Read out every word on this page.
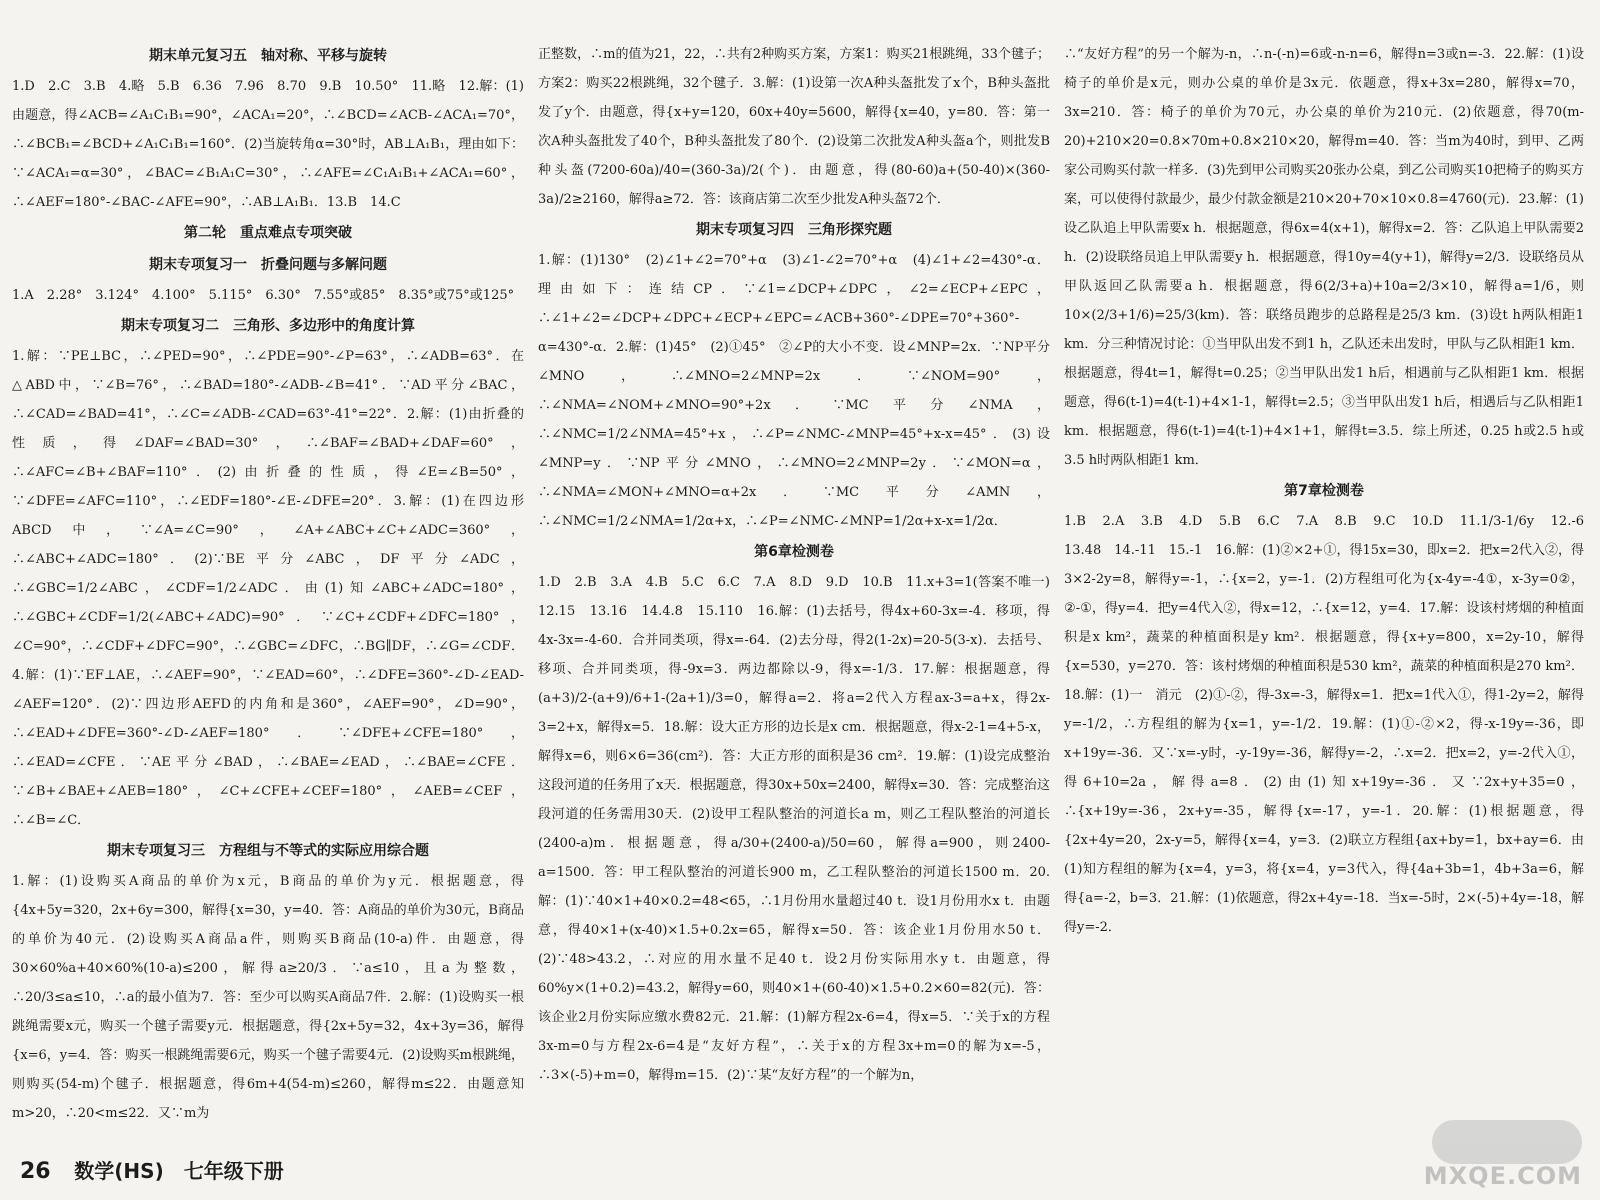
期末单元复习五　轴对称、平移与旋转

1.D　2.C　3.B　4.略　5.B　6.36　7.96　8.70　9.B　10.50°　11.略　12.解：(1)由题意，得∠ACB=∠A₁C₁B₁=90°，∠ACA₁=20°，∴∠BCD=∠ACB-∠ACA₁=70°，∴∠BCB₁=∠BCD+∠A₁C₁B₁=160°．(2)当旋转角α=30°时，AB⊥A₁B₁，理由如下：∵∠ACA₁=α=30°，∠BAC=∠B₁A₁C=30°，∴∠AFE=∠C₁A₁B₁+∠ACA₁=60°，∴∠AEF=180°-∠BAC-∠AFE=90°，∴AB⊥A₁B₁．13.B　14.C

第二轮　重点难点专项突破
期末专项复习一　折叠问题与多解问题

1.A　2.28°　3.124°　4.100°　5.115°　6.30°　7.55°或85°　8.35°或75°或125°

期末专项复习二　三角形、多边形中的角度计算

1.解：∵PE⊥BC，∴∠PED=90°，∴∠PDE=90°-∠P=63°，∴∠ADB=63°．在△ABD中，∵∠B=76°，∴∠BAD=180°-∠ADB-∠B=41°．∵AD平分∠BAC，∴∠CAD=∠BAD=41°，∴∠C=∠ADB-∠CAD=63°-41°=22°．2.解：(1)由折叠的性质，得∠DAF=∠BAD=30°，∴∠BAF=∠BAD+∠DAF=60°，∴∠AFC=∠B+∠BAF=110°．(2)由折叠的性质，得∠E=∠B=50°，∵∠DFE=∠AFC=110°，∴∠EDF=180°-∠E-∠DFE=20°．3.解：(1)在四边形ABCD中，∵∠A=∠C=90°，∠A+∠ABC+∠C+∠ADC=360°，∴∠ABC+∠ADC=180°．(2)∵BE平分∠ABC，DF平分∠ADC，∴∠GBC=1/2∠ABC，∠CDF=1/2∠ADC．由(1)知∠ABC+∠ADC=180°，∴∠GBC+∠CDF=1/2(∠ABC+∠ADC)=90°．∵∠C+∠CDF+∠DFC=180°，∠C=90°，∴∠CDF+∠DFC=90°，∴∠GBC=∠DFC，∴BG∥DF，∴∠G=∠CDF．4.解：(1)∵EF⊥AE，∴∠AEF=90°，∵∠EAD=60°，∴∠DFE=360°-∠D-∠EAD-∠AEF=120°．(2)∵四边形AEFD的内角和是360°，∠AEF=90°，∠D=90°，∴∠EAD+∠DFE=360°-∠D-∠AEF=180°．∵∠DFE+∠CFE=180°，∴∠EAD=∠CFE．∵AE平分∠BAD，∴∠BAE=∠EAD，∴∠BAE=∠CFE．∵∠B+∠BAE+∠AEB=180°，∠C+∠CFE+∠CEF=180°，∠AEB=∠CEF，∴∠B=∠C．

期末专项复习三　方程组与不等式的实际应用综合题

1.解：(1)设购买A商品的单价为x元，B商品的单价为y元．根据题意，得{4x+5y=320，2x+6y=300，解得{x=30，y=40．答：A商品的单价为30元，B商品的单价为40元．(2)设购买A商品a件，则购买B商品(10-a)件．由题意，得30×60%a+40×60%(10-a)≤200，解得a≥20/3．∵a≤10，且a为整数，∴20/3≤a≤10，∴a的最小值为7．答：至少可以购买A商品7件．2.解：(1)设购买一根跳绳需要x元，购买一个毽子需要y元．根据题意，得{2x+5y=32，4x+3y=36，解得{x=6，y=4．答：购买一根跳绳需要6元，购买一个毽子需要4元．(2)设购买m根跳绳，则购买(54-m)个毽子．根据题意，得6m+4(54-m)≤260，解得m≤22．由题意知m>20，∴20<m≤22．又∵m为

正整数，∴m的值为21，22，∴共有2种购买方案，方案1：购买21根跳绳，33个毽子；方案2：购买22根跳绳，32个毽子．3.解：(1)设第一次A种头盔批发了x个，B种头盔批发了y个．由题意，得{x+y=120，60x+40y=5600，解得{x=40，y=80．答：第一次A种头盔批发了40个，B种头盔批发了80个．(2)设第二次批发A种头盔a个，则批发B种头盔(7200-60a)/40=(360-3a)/2(个)．由题意，得(80-60)a+(50-40)×(360-3a)/2≥2160，解得a≥72．答：该商店第二次至少批发A种头盔72个．

期末专项复习四　三角形探究题

1.解：(1)130°　(2)∠1+∠2=70°+α　(3)∠1-∠2=70°+α　(4)∠1+∠2=430°-α．理由如下：连结CP．∵∠1=∠DCP+∠DPC，∠2=∠ECP+∠EPC，∴∠1+∠2=∠DCP+∠DPC+∠ECP+∠EPC=∠ACB+360°-∠DPE=70°+360°-α=430°-α．2.解：(1)45°　(2)①45°　②∠P的大小不变．设∠MNP=2x．∵NP平分∠MNO，∴∠MNO=2∠MNP=2x．∵∠NOM=90°，∴∠NMA=∠NOM+∠MNO=90°+2x．∵MC平分∠NMA，∴∠NMC=1/2∠NMA=45°+x，∴∠P=∠NMC-∠MNP=45°+x-x=45°．(3)设∠MNP=y．∵NP平分∠MNO，∴∠MNO=2∠MNP=2y．∵∠MON=α，∴∠NMA=∠MON+∠MNO=α+2x．∵MC平分∠AMN，∴∠NMC=1/2∠NMA=1/2α+x，∴∠P=∠NMC-∠MNP=1/2α+x-x=1/2α．

第6章检测卷

1.D　2.B　3.A　4.B　5.C　6.C　7.A　8.D　9.D　10.B　11.x+3=1(答案不唯一)　12.15　13.16　14.4.8　15.110　16.解：(1)去括号，得4x+60-3x=-4．移项，得4x-3x=-4-60．合并同类项，得x=-64．(2)去分母，得2(1-2x)=20-5(3-x)．去括号、移项、合并同类项，得-9x=3．两边都除以-9，得x=-1/3．17.解：根据题意，得(a+3)/2-(a+9)/6+1-(2a+1)/3=0，解得a=2．将a=2代入方程ax-3=a+x，得2x-3=2+x，解得x=5．18.解：设大正方形的边长是x cm．根据题意，得x-2-1=4+5-x，解得x=6，则6×6=36(cm²)．答：大正方形的面积是36 cm²．19.解：(1)设完成整治这段河道的任务用了x天．根据题意，得30x+50x=2400，解得x=30．答：完成整治这段河道的任务需用30天．(2)设甲工程队整治的河道长a m，则乙工程队整治的河道长(2400-a)m．根据题意，得a/30+(2400-a)/50=60，解得a=900，则2400-a=1500．答：甲工程队整治的河道长900 m，乙工程队整治的河道长1500 m．20.解：(1)∵40×1+40×0.2=48<65，∴1月份用水量超过40 t．设1月份用水x t．由题意，得40×1+(x-40)×1.5+0.2x=65，解得x=50．答：该企业1月份用水50 t．(2)∵48>43.2，∴对应的用水量不足40 t．设2月份实际用水y t．由题意，得60%y×(1+0.2)=43.2，解得y=60，则40×1+(60-40)×1.5+0.2×60=82(元)．答：该企业2月份实际应缴水费82元．21.解：(1)解方程2x-6=4，得x=5．∵关于x的方程3x-m=0与方程2x-6=4是“友好方程”，∴关于x的方程3x+m=0的解为x=-5，∴3×(-5)+m=0，解得m=15．(2)∵某“友好方程”的一个解为n，

∴“友好方程”的另一个解为-n，∴n-(-n)=6或-n-n=6，解得n=3或n=-3．22.解：(1)设椅子的单价是x元，则办公桌的单价是3x元．依题意，得x+3x=280，解得x=70，3x=210．答：椅子的单价为70元，办公桌的单价为210元．(2)依题意，得70(m-20)+210×20=0.8×70m+0.8×210×20，解得m=40．答：当m为40时，到甲、乙两家公司购买付款一样多．(3)先到甲公司购买20张办公桌，到乙公司购买10把椅子的购买方案，可以使得付款最少，最少付款金额是210×20+70×10×0.8=4760(元)．23.解：(1)设乙队追上甲队需要x h．根据题意，得6x=4(x+1)，解得x=2．答：乙队追上甲队需要2 h．(2)设联络员追上甲队需要y h．根据题意，得10y=4(y+1)，解得y=2/3．设联络员从甲队返回乙队需要a h．根据题意，得6(2/3+a)+10a=2/3×10，解得a=1/6，则10×(2/3+1/6)=25/3(km)．答：联络员跑步的总路程是25/3 km．(3)设t h两队相距1 km．分三种情况讨论：①当甲队出发不到1 h，乙队还未出发时，甲队与乙队相距1 km．根据题意，得4t=1，解得t=0.25；②当甲队出发1 h后，相遇前与乙队相距1 km．根据题意，得6(t-1)=4(t-1)+4×1-1，解得t=2.5；③当甲队出发1 h后，相遇后与乙队相距1 km．根据题意，得6(t-1)=4(t-1)+4×1+1，解得t=3.5．综上所述，0.25 h或2.5 h或3.5 h时两队相距1 km．

第7章检测卷

1.B　2.A　3.B　4.D　5.B　6.C　7.A　8.B　9.C　10.D　11.1/3-1/6y　12.-6　13.48　14.-11　15.-1　16.解：(1)②×2+①，得15x=30，即x=2．把x=2代入②，得3×2-2y=8，解得y=-1，∴{x=2，y=-1．(2)方程组可化为{x-4y=-4①，x-3y=0②，②-①，得y=4．把y=4代入②，得x=12，∴{x=12，y=4．17.解：设该村烤烟的种植面积是x km²，蔬菜的种植面积是y km²．根据题意，得{x+y=800，x=2y-10，解得{x=530，y=270．答：该村烤烟的种植面积是530 km²，蔬菜的种植面积是270 km²．18.解：(1)一　消元　(2)①-②，得-3x=-3，解得x=1．把x=1代入①，得1-2y=2，解得y=-1/2，∴方程组的解为{x=1，y=-1/2．19.解：(1)①-②×2，得-x-19y=-36，即x+19y=-36．又∵x=-y时，-y-19y=-36，解得y=-2，∴x=2．把x=2，y=-2代入①，得6+10=2a，解得a=8．(2)由(1)知x+19y=-36．又∵2x+y+35=0，∴{x+19y=-36，2x+y=-35，解得{x=-17，y=-1．20.解：(1)根据题意，得{2x+4y=20，2x-y=5，解得{x=4，y=3．(2)联立方程组{ax+by=1，bx+ay=6．由(1)知方程组的解为{x=4，y=3，将{x=4，y=3代入，得{4a+3b=1，4b+3a=6，解得{a=-2，b=3．21.解：(1)依题意，得2x+4y=-18．当x=-5时，2×(-5)+4y=-18，解得y=-2．

26 数学(HS)　七年级下册	MXQE.COM
